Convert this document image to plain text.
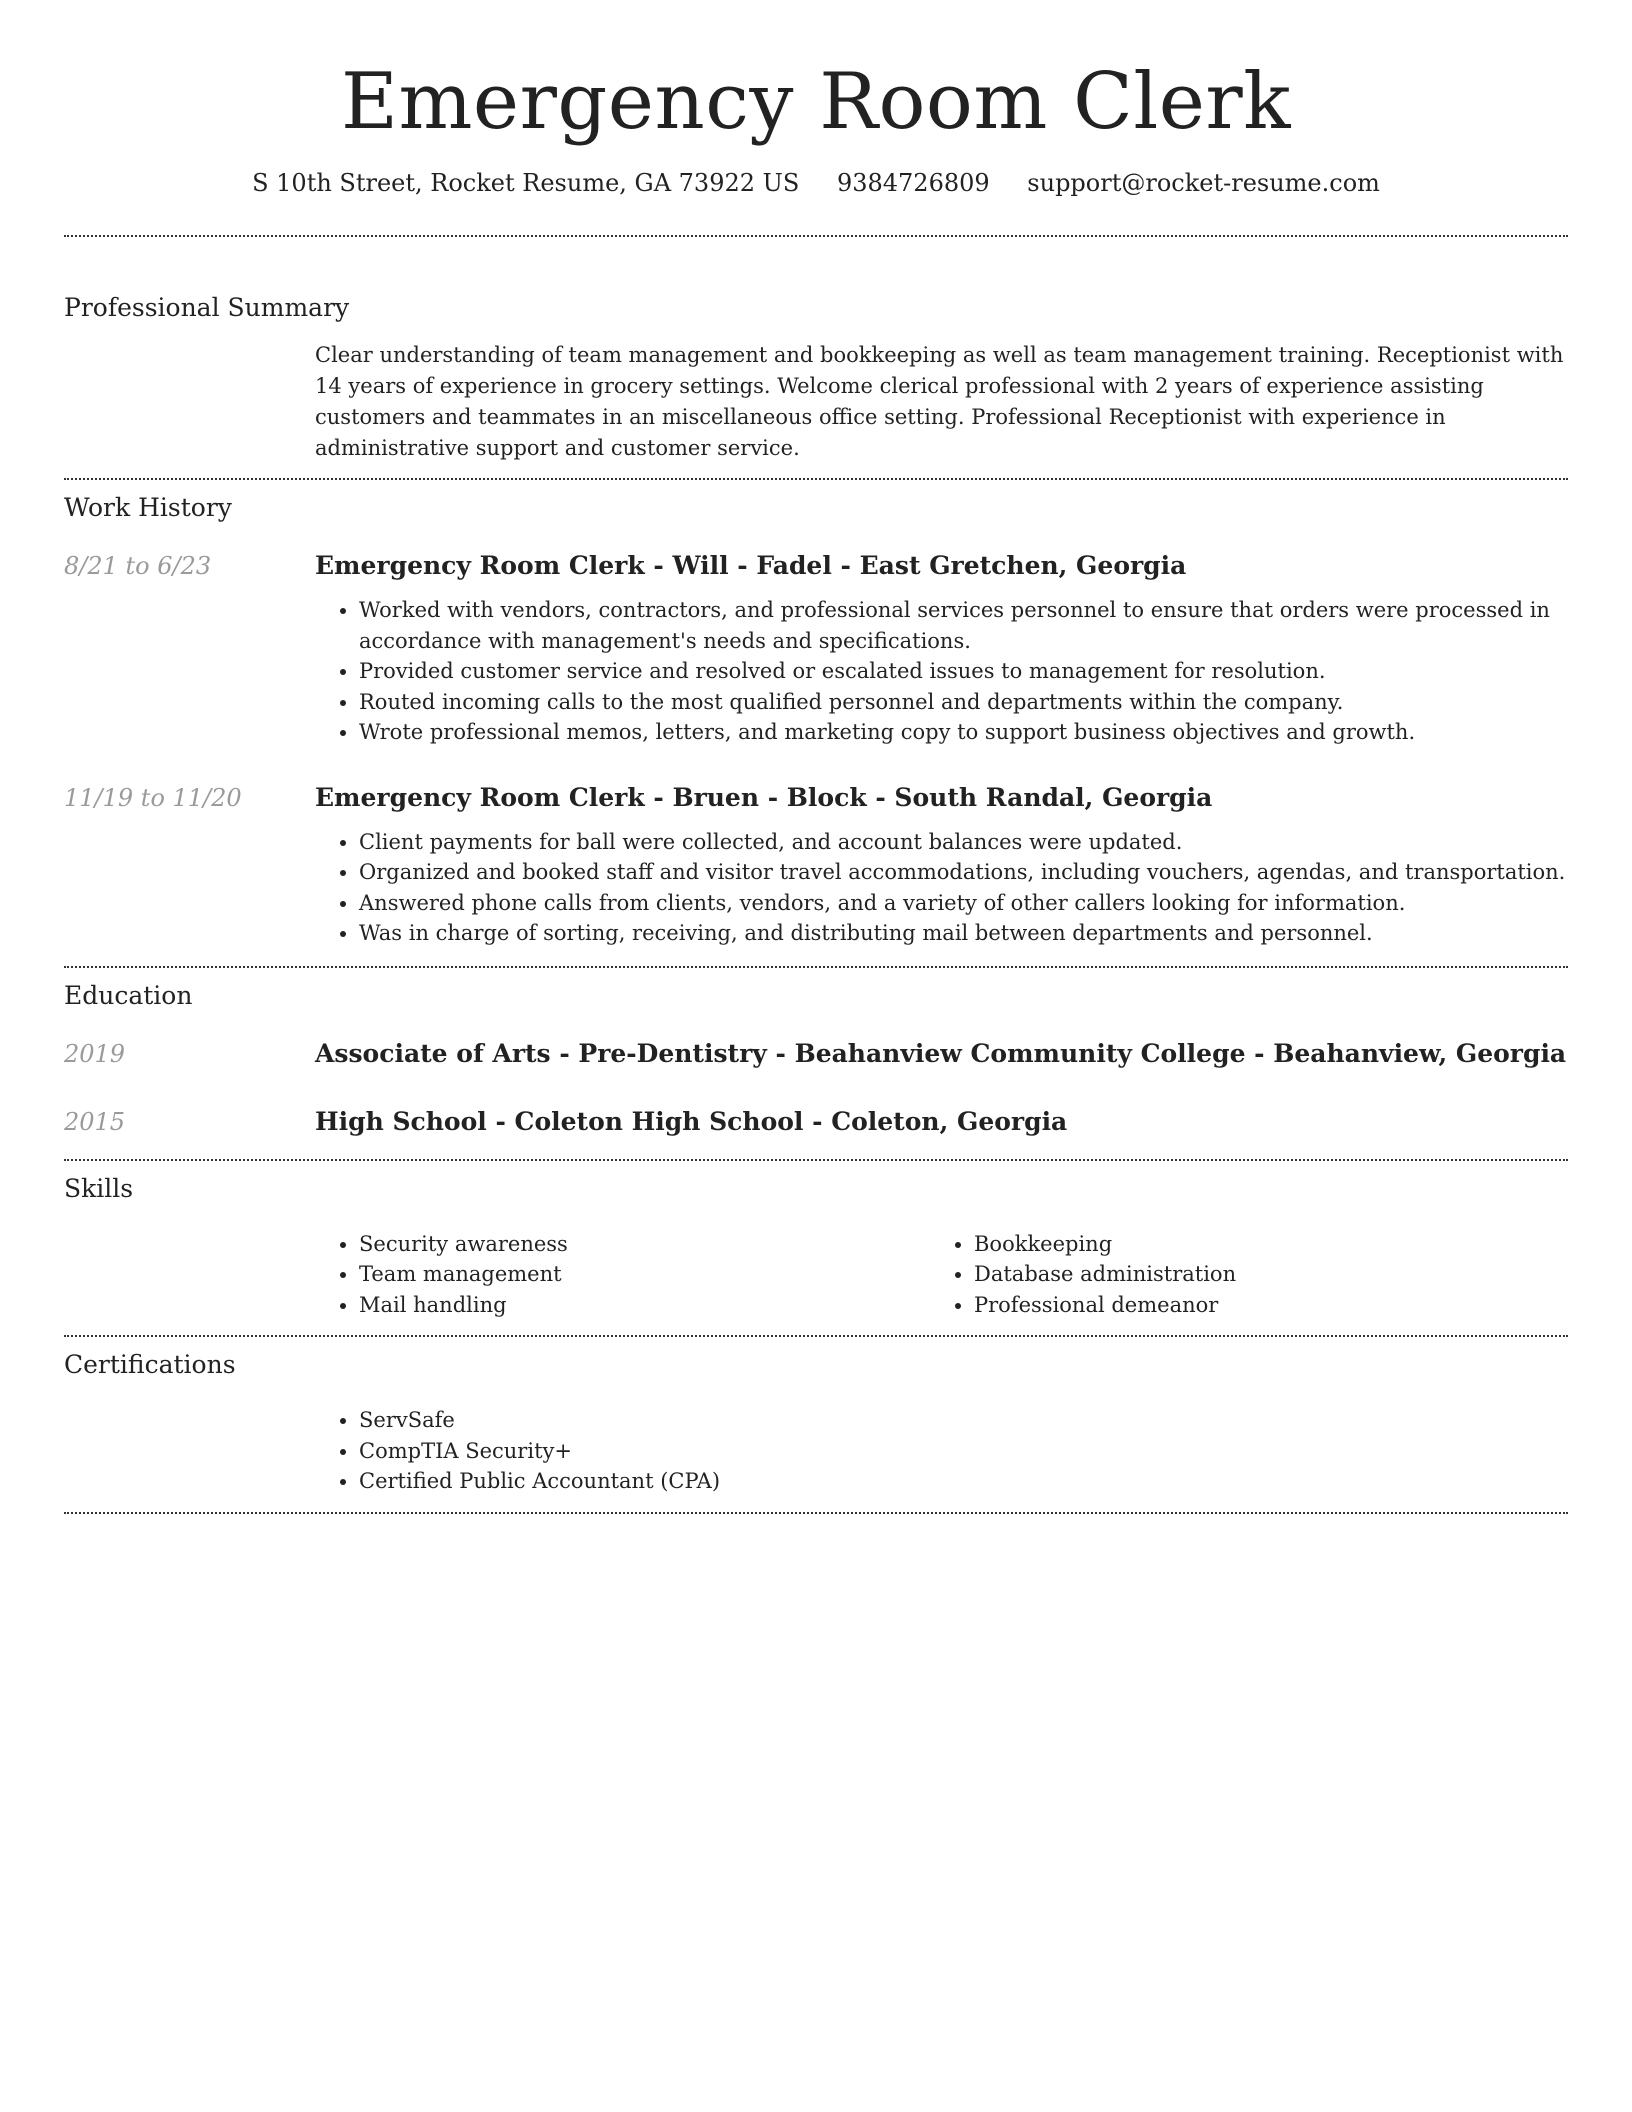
Emergency Room Clerk
S 10th Street, Rocket Resume, GA 73922 US 9384726809 support@rocket-resume.com
Professional Summary

Clear understanding of team management and bookkeeping as well as team management training. Receptionist with 14 years of experience in grocery settings. Welcome clerical professional with 2 years of experience assisting customers and teammates in an miscellaneous office setting. Professional Receptionist with experience in administrative support and customer service.

Work History
8/21 to 6/23	Emergency Room Clerk - Will - Fadel - East Gretchen, Georgia
• Worked with vendors, contractors, and professional services personnel to ensure that orders were processed in accordance with management's needs and specifications.
• Provided customer service and resolved or escalated issues to management for resolution.
• Routed incoming calls to the most qualified personnel and departments within the company.
• Wrote professional memos, letters, and marketing copy to support business objectives and growth.
11/19 to 11/20	Emergency Room Clerk - Bruen - Block - South Randal, Georgia
• Client payments for ball were collected, and account balances were updated.
• Organized and booked staff and visitor travel accommodations, including vouchers, agendas, and transportation.
• Answered phone calls from clients, vendors, and a variety of other callers looking for information.
• Was in charge of sorting, receiving, and distributing mail between departments and personnel.
Education
2019	Associate of Arts - Pre-Dentistry - Beahanview Community College - Beahanview, Georgia
2015	High School - Coleton High School - Coleton, Georgia
Skills
• Security awareness
• Team management
• Mail handling
• Bookkeeping
• Database administration
• Professional demeanor
Certifications
• ServSafe
• CompTIA Security+
• Certified Public Accountant (CPA)
